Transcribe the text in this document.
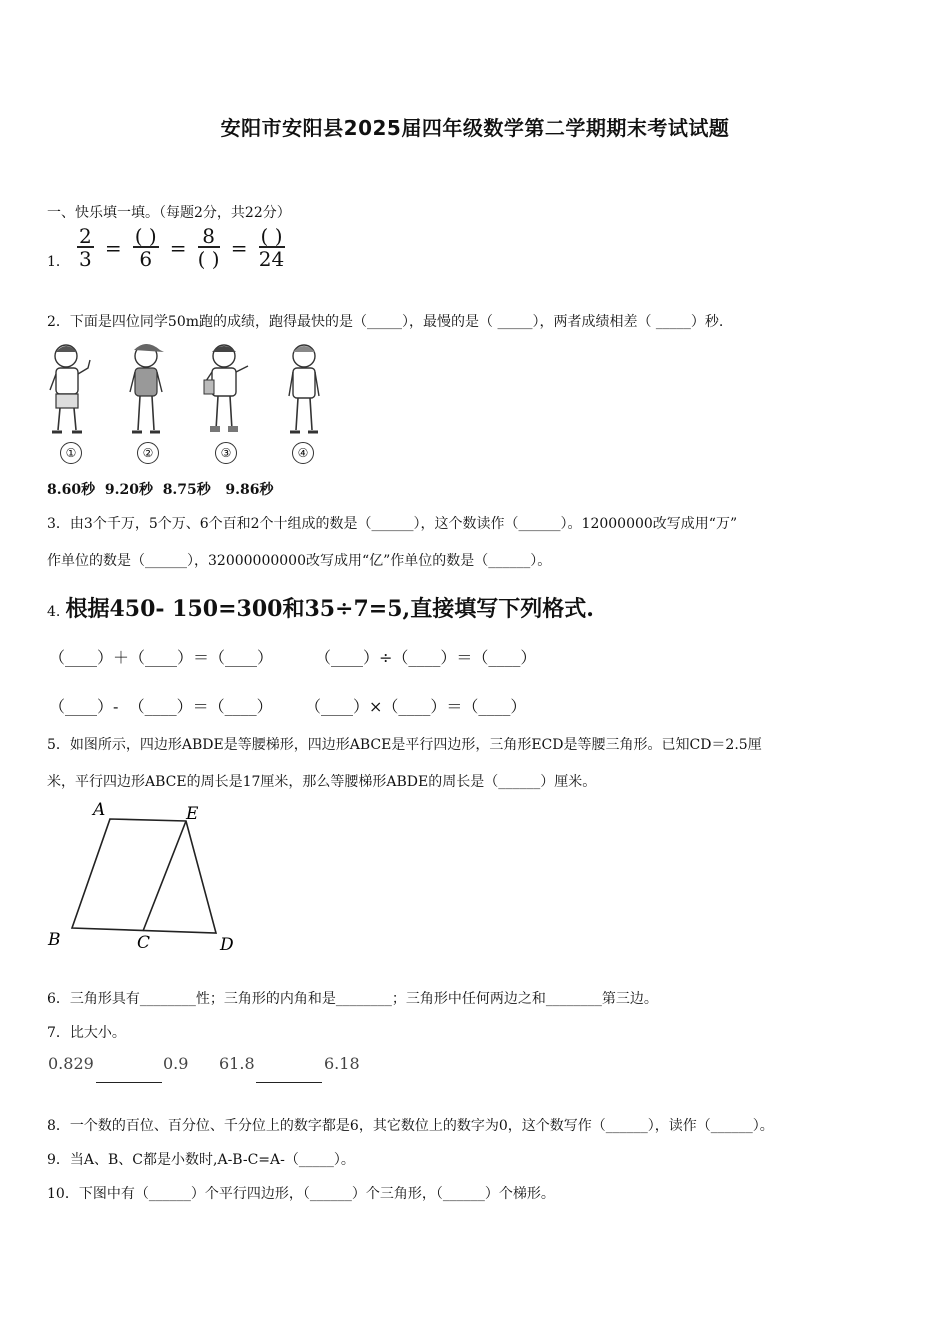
安阳市安阳县2025届四年级数学第二学期期末考试试题
一、快乐填一填。（每题2分，共22分）
1． $\frac{2}{3} = \frac{( )}{6} = \frac{8}{( )} = \frac{( )}{24}$
2．下面是四位同学50m跑的成绩，跑得最快的是（_____），最慢的是（ _____），两者成绩相差（ _____）秒.
①	②	③	④
8.60秒  9.20秒  8.75秒   9.86秒
3．由3个千万，5个万、6个百和2个十组成的数是（______），这个数读作（______）。12000000改写成用“万”
作单位的数是（______），32000000000改写成用“亿”作单位的数是（______）。
4. 根据450- 150=300和35÷7=5,直接填写下列格式.
（____）＋（____）＝（____）	（____）÷（____）＝（____）
（____）-  （____）＝（____） （____）×（____）＝（____）
5．如图所示，四边形ABDE是等腰梯形，四边形ABCE是平行四边形，三角形ECD是等腰三角形。已知CD＝2.5厘
米，平行四边形ABCE的周长是17厘米，那么等腰梯形ABDE的周长是（______）厘米。
A	E
B	C	D
6．三角形具有________性；三角形的内角和是________；三角形中任何两边之和________第三边。
7．比大小。
0.829	0.9 61.8	6.18
8．一个数的百位、百分位、千分位上的数字都是6，其它数位上的数字为0，这个数写作（______），读作（______）。
9．当A、B、C都是小数时,A-B-C=A-（_____）。
10．下图中有（______）个平行四边形，（______）个三角形，（______）个梯形。
